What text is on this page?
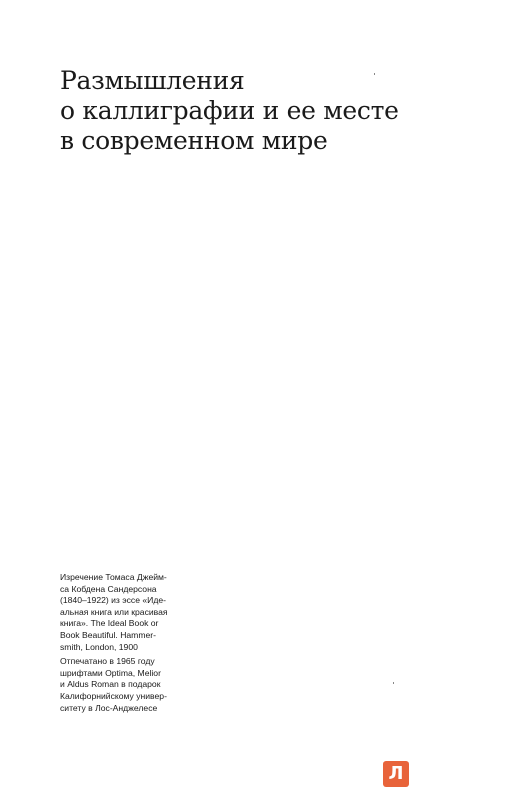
Размышления
о каллиграфии и ее месте
в современном мире
Изречение Томаса Джейм-
са Кобдена Сандерсона
(1840–1922) из эссе «Иде-
альная книга или красивая
книга». The Ideal Book or
Book Beautiful. Hammer-
smith, London, 1900
Отпечатано в 1965 году
шрифтами Optima, Melior
и Aldus Roman в подарок
Калифорнийскому универ-
ситету в Лос-Анджелесе
Л
